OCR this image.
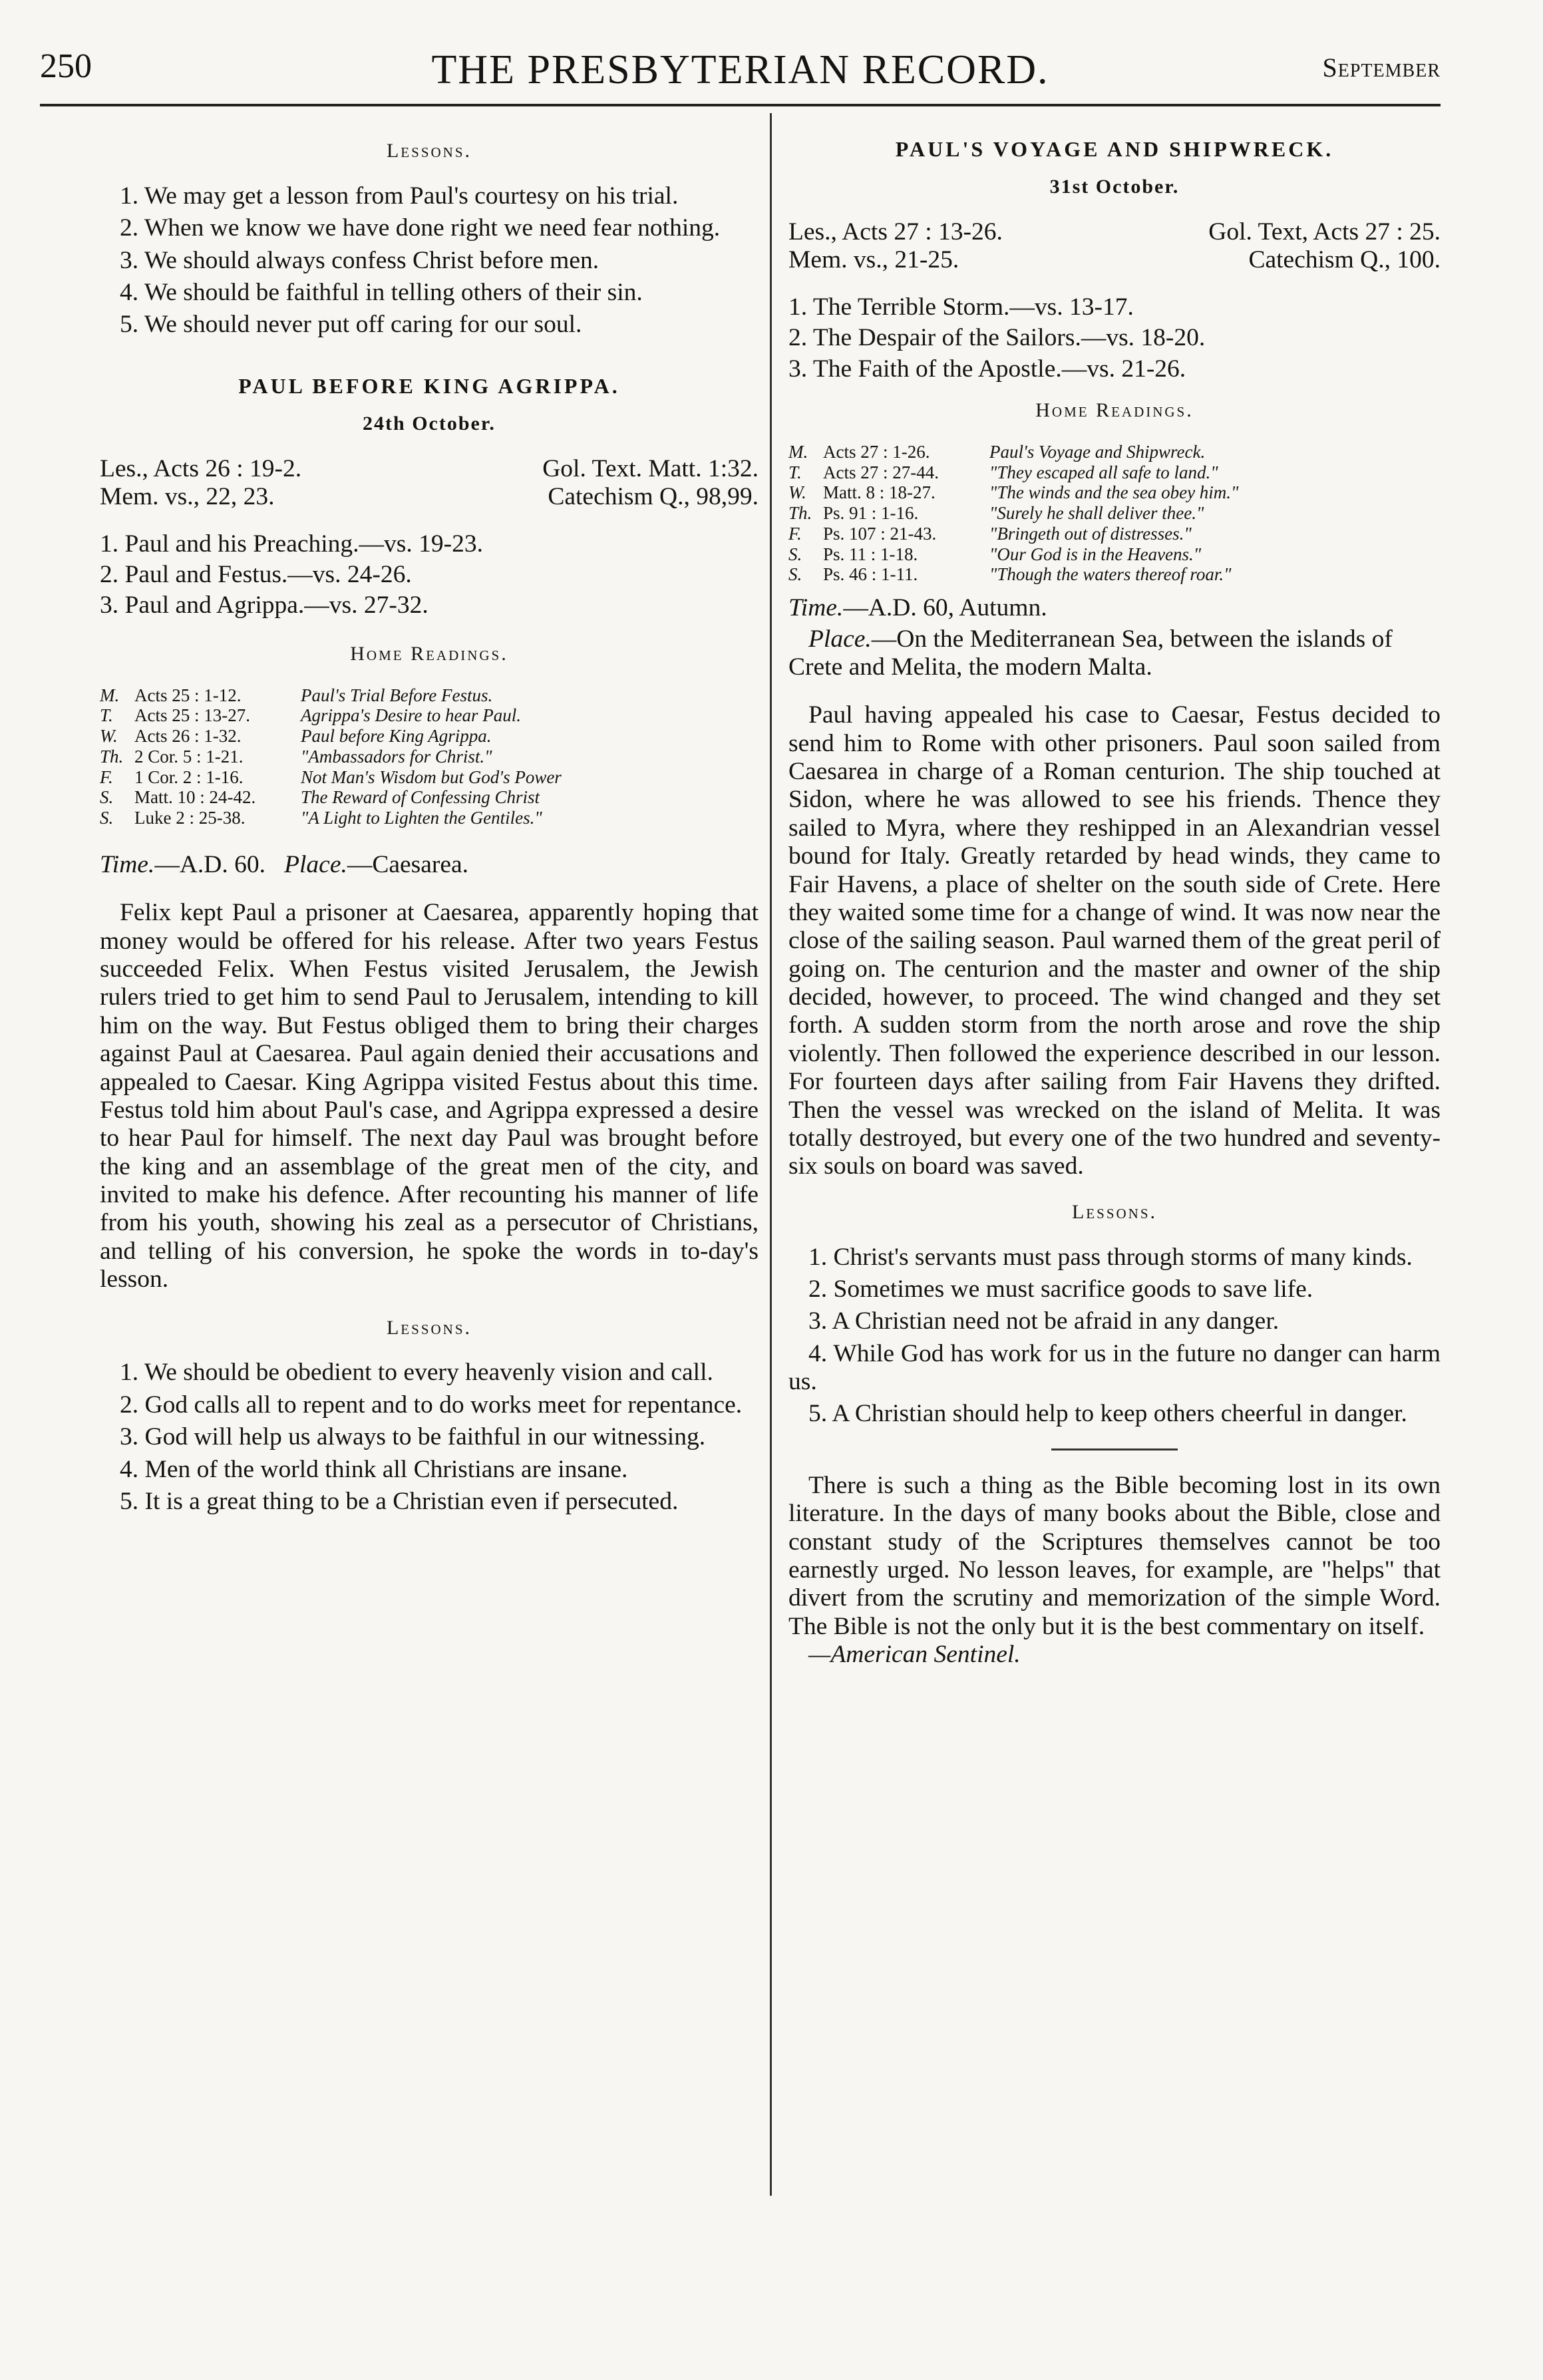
250	THE PRESBYTERIAN RECORD.	September
Lessons.
1. We may get a lesson from Paul's courtesy on his trial.
2. When we know we have done right we need fear nothing.
3. We should always confess Christ before men.
4. We should be faithful in telling others of their sin.
5. We should never put off caring for our soul.
PAUL BEFORE KING AGRIPPA.
24th October.
Les., Acts 26 : 19-2.	Gol. Text. Matt. 1:32.
Mem. vs., 22, 23.	Catechism Q., 98,99.
1. Paul and his Preaching.—vs. 19-23.
2. Paul and Festus.—vs. 24-26.
3. Paul and Agrippa.—vs. 27-32.
Home Readings.
M. Acts 25 : 1-12.	Paul's Trial Before Festus.
T.	Acts 25 : 13-27.	Agrippa's Desire to hear Paul.
W. Acts 26 : 1-32.	Paul before King Agrippa.
Th. 2 Cor. 5 : 1-21.	"Ambassadors for Christ."
F.	1 Cor. 2 : 1-16.	Not Man's Wisdom but God's Power
S.	Matt. 10 : 24-42.	The Reward of Confessing Christ
S.	Luke 2 : 25-38.	"A Light to Lighten the Gentiles."
Time.—A.D. 60. Place.—Caesarea.
Felix kept Paul a prisoner at Caesarea, apparently hoping that money would be offered for his release. After two years Festus succeeded Felix. When Festus visited Jerusalem, the Jewish rulers tried to get him to send Paul to Jerusalem, intending to kill him on the way. But Festus obliged them to bring their charges against Paul at Caesarea. Paul again denied their accusations and appealed to Caesar. King Agrippa visited Festus about this time. Festus told him about Paul's case, and Agrippa expressed a desire to hear Paul for himself. The next day Paul was brought before the king and an assemblage of the great men of the city, and invited to make his defence. After recounting his manner of life from his youth, showing his zeal as a persecutor of Christians, and telling of his conversion, he spoke the words in to-day's lesson.
Lessons.
1. We should be obedient to every heavenly vision and call.
2. God calls all to repent and to do works meet for repentance.
3. God will help us always to be faithful in our witnessing.
4. Men of the world think all Christians are insane.
5. It is a great thing to be a Christian even if persecuted.
PAUL'S VOYAGE AND SHIPWRECK.
31st October.
Les., Acts 27 : 13-26.	Gol. Text, Acts 27 : 25.
Mem. vs., 21-25.	Catechism Q., 100.
1. The Terrible Storm.—vs. 13-17.
2. The Despair of the Sailors.—vs. 18-20.
3. The Faith of the Apostle.—vs. 21-26.
Home Readings.
M. Acts 27 : 1-26.	Paul's Voyage and Shipwreck.
T.	Acts 27 : 27-44.	"They escaped all safe to land."
W. Matt. 8 : 18-27.	"The winds and the sea obey him."
Th. Ps. 91 : 1-16.	"Surely he shall deliver thee."
F.	Ps. 107 : 21-43.	"Bringeth out of distresses."
S.	Ps. 11 : 1-18.	"Our God is in the Heavens."
S.	Ps. 46 : 1-11.	"Though the waters thereof roar."
Time.—A.D. 60, Autumn.
Place.—On the Mediterranean Sea, between the islands of Crete and Melita, the modern Malta.
Paul having appealed his case to Caesar, Festus decided to send him to Rome with other prisoners. Paul soon sailed from Caesarea in charge of a Roman centurion. The ship touched at Sidon, where he was allowed to see his friends. Thence they sailed to Myra, where they reshipped in an Alexandrian vessel bound for Italy. Greatly retarded by head winds, they came to Fair Havens, a place of shelter on the south side of Crete. Here they waited some time for a change of wind. It was now near the close of the sailing season. Paul warned them of the great peril of going on. The centurion and the master and owner of the ship decided, however, to proceed. The wind changed and they set forth. A sudden storm from the north arose and rove the ship violently. Then followed the experience described in our lesson. For fourteen days after sailing from Fair Havens they drifted. Then the vessel was wrecked on the island of Melita. It was totally destroyed, but every one of the two hundred and seventy-six souls on board was saved.
Lessons.
1. Christ's servants must pass through storms of many kinds.
2. Sometimes we must sacrifice goods to save life.
3. A Christian need not be afraid in any danger.
4. While God has work for us in the future no danger can harm us.
5. A Christian should help to keep others cheerful in danger.
There is such a thing as the Bible becoming lost in its own literature. In the days of many books about the Bible, close and constant study of the Scriptures themselves cannot be too earnestly urged. No lesson leaves, for example, are "helps" that divert from the scrutiny and memorization of the simple Word. The Bible is not the only but it is the best commentary on itself.
—American Sentinel.
